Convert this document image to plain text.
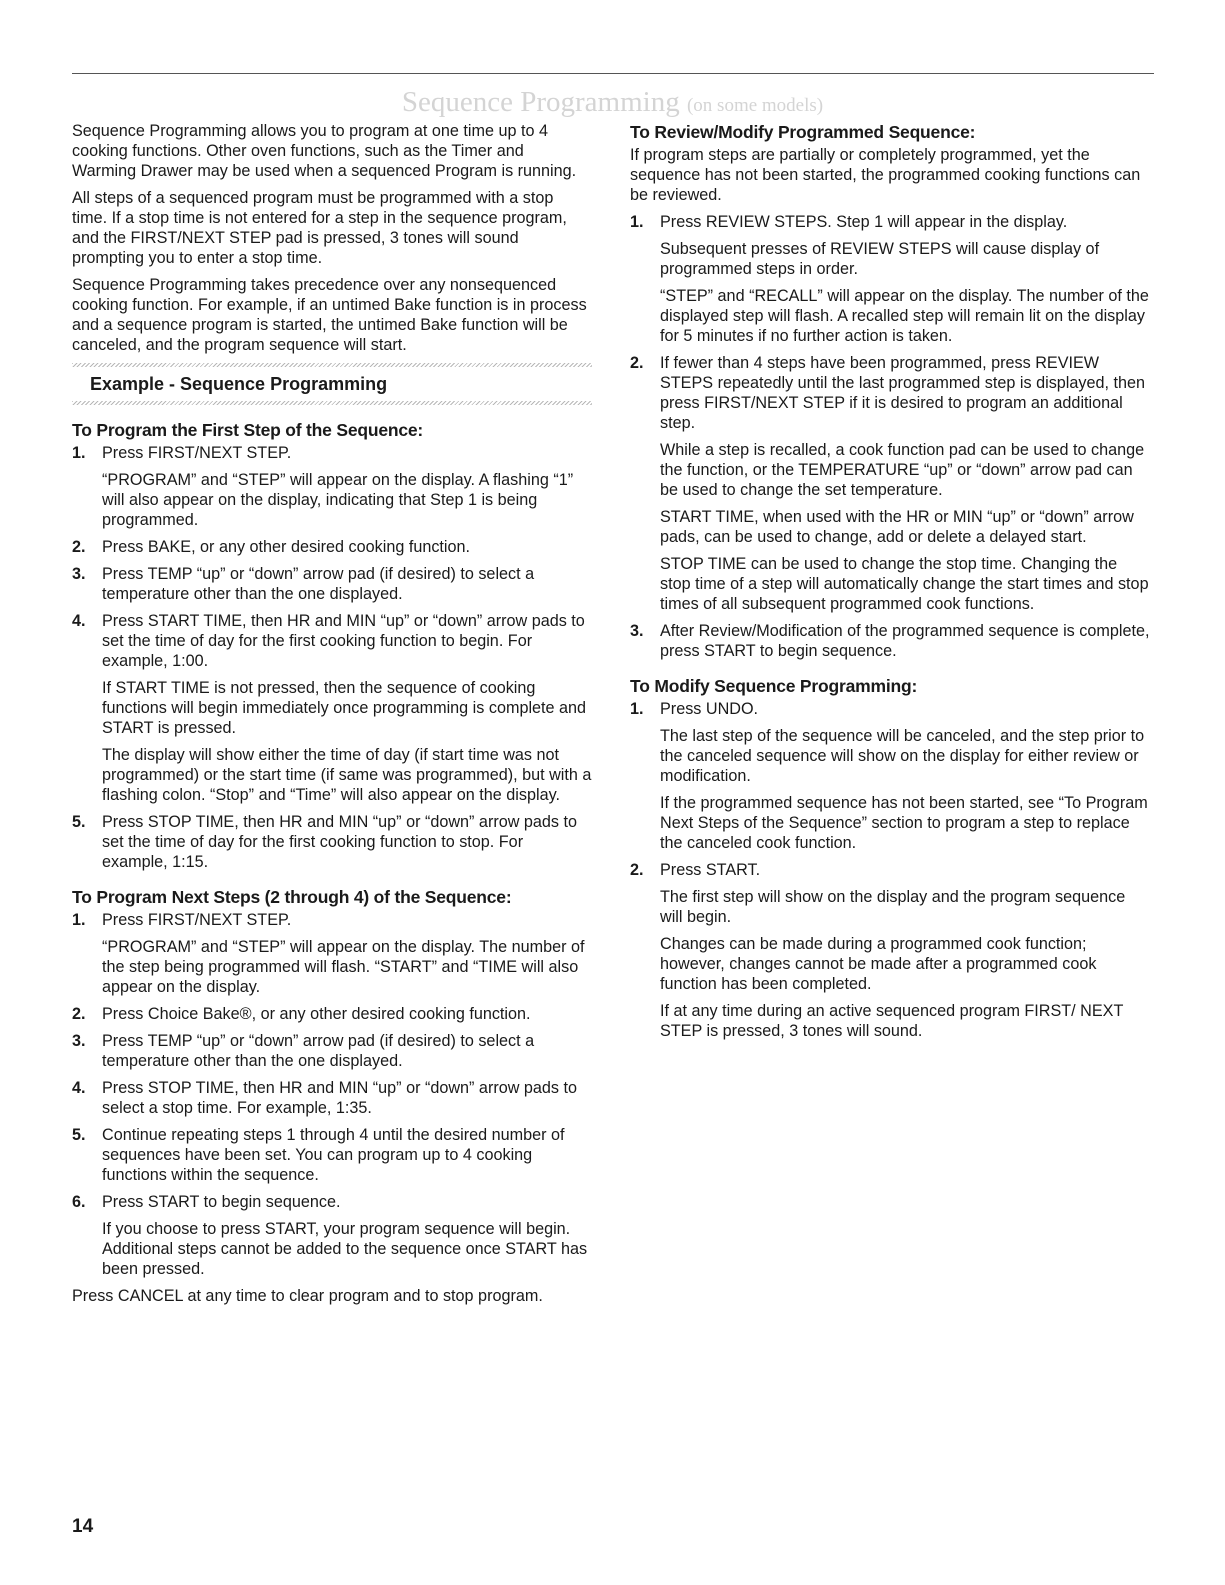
Sequence Programming (on some models)

Sequence Programming allows you to program at one time up to 4 cooking functions. Other oven functions, such as the Timer and Warming Drawer may be used when a sequenced Program is running.

All steps of a sequenced program must be programmed with a stop time. If a stop time is not entered for a step in the sequence program, and the FIRST/NEXT STEP pad is pressed, 3 tones will sound prompting you to enter a stop time.

Sequence Programming takes precedence over any nonsequenced cooking function. For example, if an untimed Bake function is in process and a sequence program is started, the untimed Bake function will be canceled, and the program sequence will start.

Example - Sequence Programming
To Program the First Step of the Sequence:
1. Press FIRST/NEXT STEP.

“PROGRAM” and “STEP” will appear on the display. A flashing “1” will also appear on the display, indicating that Step 1 is being programmed.

2. Press BAKE, or any other desired cooking function.
3. Press TEMP “up” or “down” arrow pad (if desired) to select a temperature other than the one displayed.
4. Press START TIME, then HR and MIN “up” or “down” arrow pads to set the time of day for the first cooking function to begin. For example, 1:00.

If START TIME is not pressed, then the sequence of cooking functions will begin immediately once programming is complete and START is pressed.

The display will show either the time of day (if start time was not programmed) or the start time (if same was programmed), but with a flashing colon. “Stop” and “Time” will also appear on the display.

5. Press STOP TIME, then HR and MIN “up” or “down” arrow pads to set the time of day for the first cooking function to stop. For example, 1:15.
To Program Next Steps (2 through 4) of the Sequence:
1. Press FIRST/NEXT STEP.

“PROGRAM” and “STEP” will appear on the display. The number of the step being programmed will flash. “START” and “TIME will also appear on the display.

2. Press Choice Bake®, or any other desired cooking function.
3. Press TEMP “up” or “down” arrow pad (if desired) to select a temperature other than the one displayed.
4. Press STOP TIME, then HR and MIN “up” or “down” arrow pads to select a stop time. For example, 1:35.
5. Continue repeating steps 1 through 4 until the desired number of sequences have been set. You can program up to 4 cooking functions within the sequence.
6. Press START to begin sequence.

If you choose to press START, your program sequence will begin. Additional steps cannot be added to the sequence once START has been pressed.

Press CANCEL at any time to clear program and to stop program.

To Review/Modify Programmed Sequence:

If program steps are partially or completely programmed, yet the sequence has not been started, the programmed cooking functions can be reviewed.

1. Press REVIEW STEPS. Step 1 will appear in the display.

Subsequent presses of REVIEW STEPS will cause display of programmed steps in order.

“STEP” and “RECALL” will appear on the display. The number of the displayed step will flash. A recalled step will remain lit on the display for 5 minutes if no further action is taken.

2. If fewer than 4 steps have been programmed, press REVIEW STEPS repeatedly until the last programmed step is displayed, then press FIRST/NEXT STEP if it is desired to program an additional step.

While a step is recalled, a cook function pad can be used to change the function, or the TEMPERATURE “up” or “down” arrow pad can be used to change the set temperature.

START TIME, when used with the HR or MIN “up” or “down” arrow pads, can be used to change, add or delete a delayed start.

STOP TIME can be used to change the stop time. Changing the stop time of a step will automatically change the start times and stop times of all subsequent programmed cook functions.

3. After Review/Modification of the programmed sequence is complete, press START to begin sequence.
To Modify Sequence Programming:
1. Press UNDO.

The last step of the sequence will be canceled, and the step prior to the canceled sequence will show on the display for either review or modification.

If the programmed sequence has not been started, see “To Program Next Steps of the Sequence” section to program a step to replace the canceled cook function.

2. Press START.

The first step will show on the display and the program sequence will begin.

Changes can be made during a programmed cook function; however, changes cannot be made after a programmed cook function has been completed.

If at any time during an active sequenced program FIRST/ NEXT STEP is pressed, 3 tones will sound.

14
